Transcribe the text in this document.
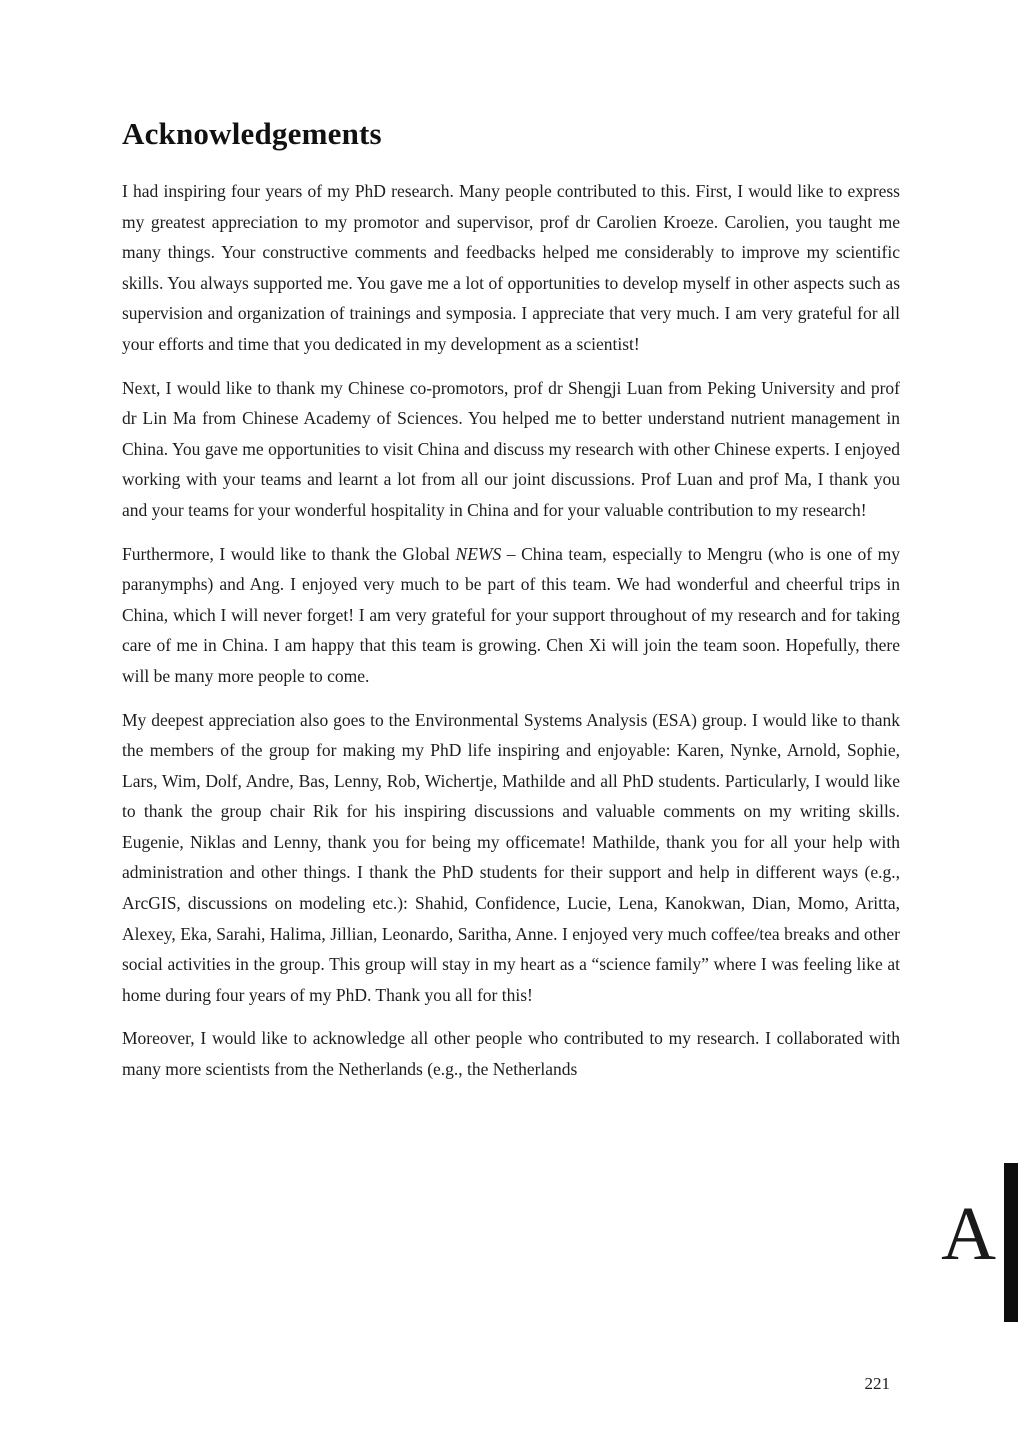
Acknowledgements

I had inspiring four years of my PhD research. Many people contributed to this. First, I would like to express my greatest appreciation to my promotor and supervisor, prof dr Carolien Kroeze. Carolien, you taught me many things. Your constructive comments and feedbacks helped me considerably to improve my scientific skills. You always supported me. You gave me a lot of opportunities to develop myself in other aspects such as supervision and organization of trainings and symposia. I appreciate that very much. I am very grateful for all your efforts and time that you dedicated in my development as a scientist!

Next, I would like to thank my Chinese co-promotors, prof dr Shengji Luan from Peking University and prof dr Lin Ma from Chinese Academy of Sciences. You helped me to better understand nutrient management in China. You gave me opportunities to visit China and discuss my research with other Chinese experts. I enjoyed working with your teams and learnt a lot from all our joint discussions. Prof Luan and prof Ma, I thank you and your teams for your wonderful hospitality in China and for your valuable contribution to my research!

Furthermore, I would like to thank the Global NEWS – China team, especially to Mengru (who is one of my paranymphs) and Ang. I enjoyed very much to be part of this team. We had wonderful and cheerful trips in China, which I will never forget! I am very grateful for your support throughout of my research and for taking care of me in China. I am happy that this team is growing. Chen Xi will join the team soon. Hopefully, there will be many more people to come.

My deepest appreciation also goes to the Environmental Systems Analysis (ESA) group. I would like to thank the members of the group for making my PhD life inspiring and enjoyable: Karen, Nynke, Arnold, Sophie, Lars, Wim, Dolf, Andre, Bas, Lenny, Rob, Wichertje, Mathilde and all PhD students. Particularly, I would like to thank the group chair Rik for his inspiring discussions and valuable comments on my writing skills. Eugenie, Niklas and Lenny, thank you for being my officemate! Mathilde, thank you for all your help with administration and other things. I thank the PhD students for their support and help in different ways (e.g., ArcGIS, discussions on modeling etc.): Shahid, Confidence, Lucie, Lena, Kanokwan, Dian, Momo, Aritta, Alexey, Eka, Sarahi, Halima, Jillian, Leonardo, Saritha, Anne. I enjoyed very much coffee/tea breaks and other social activities in the group. This group will stay in my heart as a “science family” where I was feeling like at home during four years of my PhD. Thank you all for this!

Moreover, I would like to acknowledge all other people who contributed to my research. I collaborated with many more scientists from the Netherlands (e.g., the Netherlands

A
221
